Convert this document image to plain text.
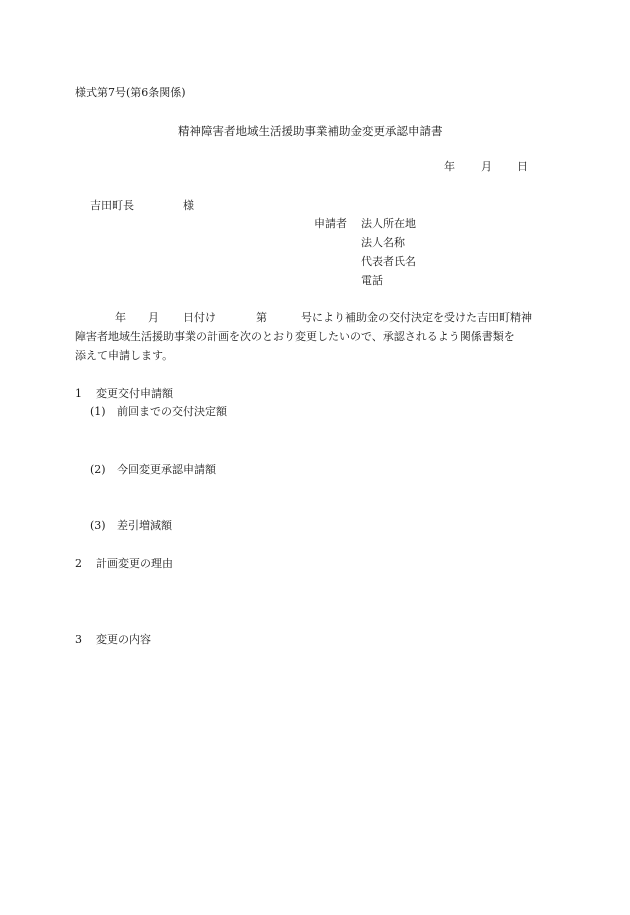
様式第7号(第6条関係)
精神障害者地域生活援助事業補助金変更承認申請書
年 月 日
吉田町長	様
申請者 法人所在地
法人名称
代表者氏名
電話
年 月 日付け	第	号により補助金の交付決定を受けた吉田町精神
障害者地域生活援助事業の計画を次のとおり変更したいので、承認されるよう関係書類を
添えて申請します。
1 変更交付申請額
(1) 前回までの交付決定額
(2) 今回変更承認申請額
(3) 差引増減額
2 計画変更の理由
3 変更の内容
